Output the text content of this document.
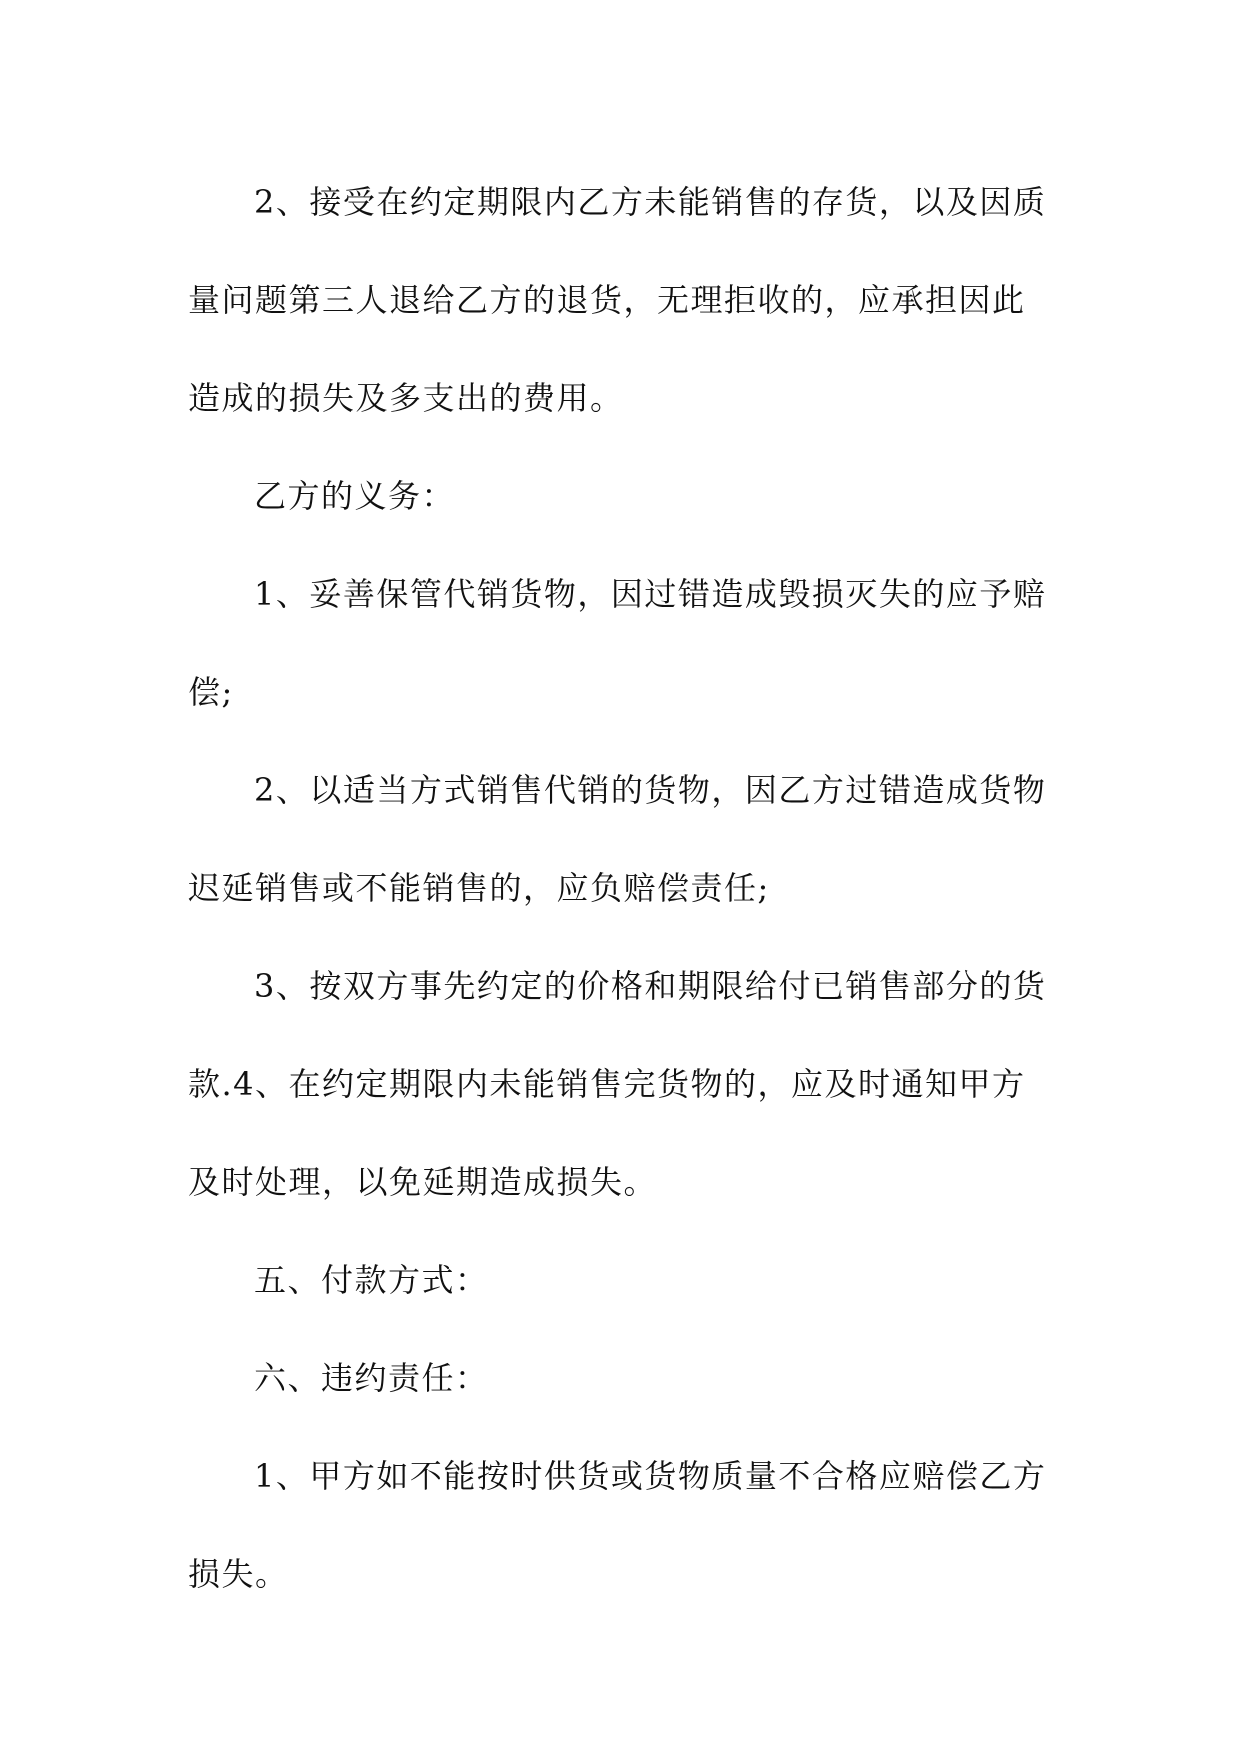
2、接受在约定期限内乙方未能销售的存货，以及因质
量问题第三人退给乙方的退货，无理拒收的，应承担因此
造成的损失及多支出的费用。
乙方的义务：
1、妥善保管代销货物，因过错造成毁损灭失的应予赔
偿;
2、以适当方式销售代销的货物，因乙方过错造成货物
迟延销售或不能销售的，应负赔偿责任;
3、按双方事先约定的价格和期限给付已销售部分的货
款.4、在约定期限内未能销售完货物的，应及时通知甲方
及时处理，以免延期造成损失。
五、付款方式：
六、违约责任：
1、甲方如不能按时供货或货物质量不合格应赔偿乙方
损失。
